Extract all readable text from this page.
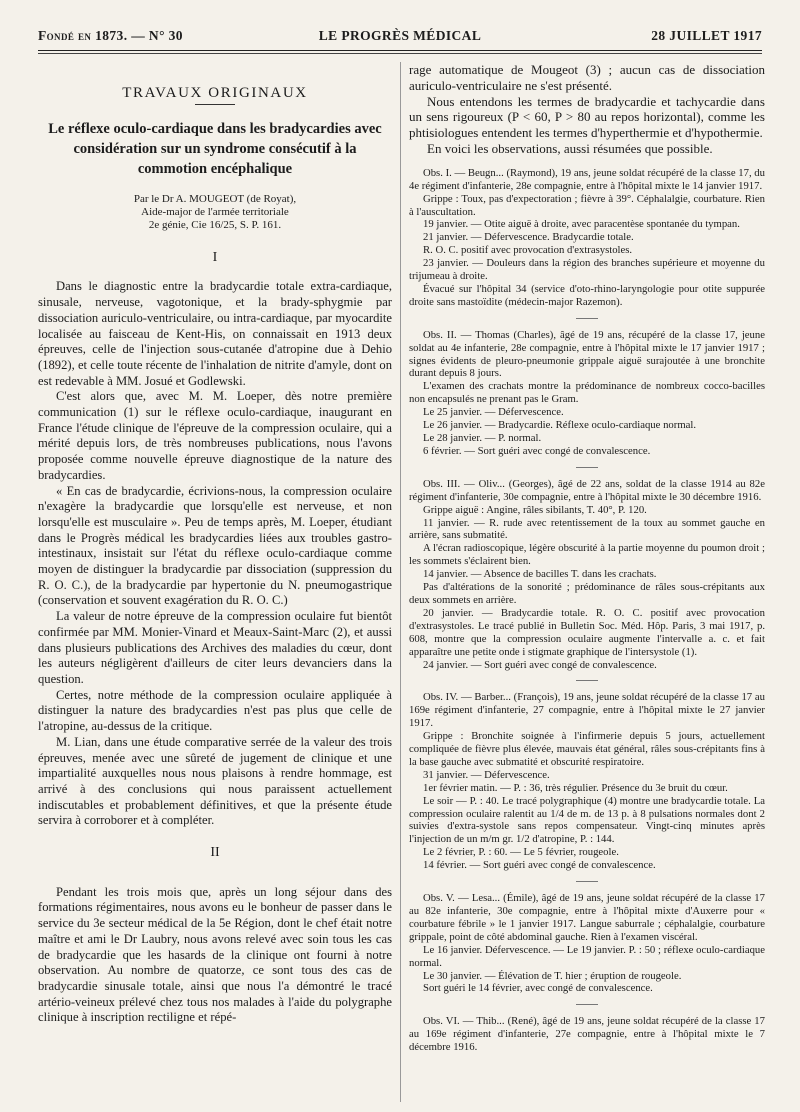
Fondé en 1873. — N° 30	LE PROGRÈS MÉDICAL	28 JUILLET 1917
TRAVAUX ORIGINAUX
Le réflexe oculo-cardiaque dans les bradycardies avec considération sur un syndrome consécutif à la commotion encéphalique
Par le Dr A. MOUGEOT (de Royat),
Aide-major de l'armée territoriale
2e génie, Cie 16/25, S. P. 161.
I

Dans le diagnostic entre la bradycardie totale extra-cardiaque, sinusale, nerveuse, vagotonique, et la brady-sphygmie par dissociation auriculo-ventriculaire, ou intra-cardiaque, par myocardite localisée au faisceau de Kent-His, on connaissait en 1913 deux épreuves, celle de l'injection sous-cutanée d'atropine due à Dehio (1892), et celle toute récente de l'inhalation de nitrite d'amyle, dont on est redevable à MM. Josué et Godlewski.

C'est alors que, avec M. M. Loeper, dès notre première communication (1) sur le réflexe oculo-cardiaque, inaugurant en France l'étude clinique de l'épreuve de la compression oculaire, qui a mérité depuis lors, de très nombreuses publications, nous l'avons proposée comme nouvelle épreuve diagnostique de la nature des bradycardies.

« En cas de bradycardie, écrivions-nous, la compression oculaire n'exagère la bradycardie que lorsqu'elle est nerveuse, et non lorsqu'elle est musculaire ». Peu de temps après, M. Loeper, étudiant dans le Progrès médical les bradycardies liées aux troubles gastro-intestinaux, insistait sur l'état du réflexe oculo-cardiaque comme moyen de distinguer la bradycardie par dissociation (suppression du R. O. C.), de la bradycardie par hypertonie du N. pneumogastrique (conservation et souvent exagération du R. O. C.)

La valeur de notre épreuve de la compression oculaire fut bientôt confirmée par MM. Monier-Vinard et Meaux-Saint-Marc (2), et aussi dans plusieurs publications des Archives des maladies du cœur, dont les auteurs négligèrent d'ailleurs de citer leurs devanciers dans la question.

Certes, notre méthode de la compression oculaire appliquée à distinguer la nature des bradycardies n'est pas plus que celle de l'atropine, au-dessus de la critique.

M. Lian, dans une étude comparative serrée de la valeur des trois épreuves, menée avec une sûreté de jugement de clinique et une impartialité auxquelles nous nous plaisons à rendre hommage, est arrivé à des conclusions qui nous paraissent actuellement indiscutables et probablement définitives, et que la présente étude servira à corroborer et à compléter.

II

Pendant les trois mois que, après un long séjour dans des formations régimentaires, nous avons eu le bonheur de passer dans le service du 3e secteur médical de la 5e Région, dont le chef était notre maître et ami le Dr Laubry, nous avons relevé avec soin tous les cas de bradycardie que les hasards de la clinique ont fourni à notre observation. Au nombre de quatorze, ce sont tous des cas de bradycardie sinusale totale, ainsi que nous l'a démontré le tracé artério-veineux prélevé chez tous nos malades à l'aide du polygraphe clinique à inscription rectiligne et répé-

rage automatique de Mougeot (3) ; aucun cas de dissociation auriculo-ventriculaire ne s'est présenté.

Nous entendons les termes de bradycardie et tachycardie dans un sens rigoureux (P < 60, P > 80 au repos horizontal), comme les phtisiologues entendent les termes d'hyperthermie et d'hypothermie.

En voici les observations, aussi résumées que possible.

Obs. I. — Beugn... (Raymond), 19 ans, jeune soldat récupéré de la classe 17, du 4e régiment d'infanterie, 28e compagnie, entre à l'hôpital mixte le 14 janvier 1917.
Grippe : Toux, pas d'expectoration ; fièvre à 39°. Céphalalgie, courbature. Rien à l'auscultation.
19 janvier. — Otite aiguë à droite, avec paracentèse spontanée du tympan.
21 janvier. — Défervescence. Bradycardie totale.
R. O. C. positif avec provocation d'extrasystoles.
23 janvier. — Douleurs dans la région des branches supérieure et moyenne du trijumeau à droite.
Évacué sur l'hôpital 34 (service d'oto-rhino-laryngologie pour otite suppurée droite sans mastoïdite (médecin-major Razemon).
Obs. II. — Thomas (Charles), âgé de 19 ans, récupéré de la classe 17, jeune soldat au 4e infanterie, 28e compagnie, entre à l'hôpital mixte le 17 janvier 1917 ; signes évidents de pleuro-pneumonie grippale aiguë surajoutée à une bronchite durant depuis 8 jours.
L'examen des crachats montre la prédominance de nombreux cocco-bacilles non encapsulés ne prenant pas le Gram.
Le 25 janvier. — Défervescence.
Le 26 janvier. — Bradycardie. Réflexe oculo-cardiaque normal.
Le 28 janvier. — P. normal.
6 février. — Sort guéri avec congé de convalescence.
Obs. III. — Oliv... (Georges), âgé de 22 ans, soldat de la classe 1914 au 82e régiment d'infanterie, 30e compagnie, entre à l'hôpital mixte le 30 décembre 1916.
Grippe aiguë : Angine, râles sibilants, T. 40°, P. 120.
11 janvier. — R. rude avec retentissement de la toux au sommet gauche en arrière, sans submatité.
A l'écran radioscopique, légère obscurité à la partie moyenne du poumon droit ; les sommets s'éclairent bien.
14 janvier. — Absence de bacilles T. dans les crachats.
Pas d'altérations de la sonorité ; prédominance de râles sous-crépitants aux deux sommets en arrière.
20 janvier. — Bradycardie totale. R. O. C. positif avec provocation d'extrasystoles. Le tracé publié in Bulletin Soc. Méd. Hôp. Paris, 3 mai 1917, p. 608, montre que la compression oculaire augmente l'intervalle a. c. et fait apparaître une petite onde i stigmate graphique de l'intersystole (1).
24 janvier. — Sort guéri avec congé de convalescence.
Obs. IV. — Barber... (François), 19 ans, jeune soldat récupéré de la classe 17 au 169e régiment d'infanterie, 27 compagnie, entre à l'hôpital mixte le 27 janvier 1917.
Grippe : Bronchite soignée à l'infirmerie depuis 5 jours, actuellement compliquée de fièvre plus élevée, mauvais état général, râles sous-crépitants fins à la base gauche avec submatité et obscurité respiratoire.
31 janvier. — Défervescence.
1er février matin. — P. : 36, très régulier. Présence du 3e bruit du cœur.
Le soir — P. : 40. Le tracé polygraphique (4) montre une bradycardie totale. La compression oculaire ralentit au 1/4 de m. de 13 p. à 8 pulsations normales dont 2 suivies d'extra-systole sans repos compensateur. Vingt-cinq minutes après l'injection de un m/m gr. 1/2 d'atropine, P. : 144.
Le 2 février, P. : 60. — Le 5 février, rougeole.
14 février. — Sort guéri avec congé de convalescence.
Obs. V. — Lesa... (Émile), âgé de 19 ans, jeune soldat récupéré de la classe 17 au 82e infanterie, 30e compagnie, entre à l'hôpital mixte d'Auxerre pour « courbature fébrile » le 1 janvier 1917. Langue saburrale ; céphalalgie, courbature grippale, point de côté abdominal gauche. Rien à l'examen viscéral.
Le 16 janvier. Défervescence. — Le 19 janvier. P. : 50 ; réflexe oculo-cardiaque normal.
Le 30 janvier. — Élévation de T. hier ; éruption de rougeole.
Sort guéri le 14 février, avec congé de convalescence.
Obs. VI. — Thib... (René), âgé de 19 ans, jeune soldat récupéré de la classe 17 au 169e régiment d'infanterie, 27e compagnie, entre à l'hôpital mixte le 7 décembre 1916.
